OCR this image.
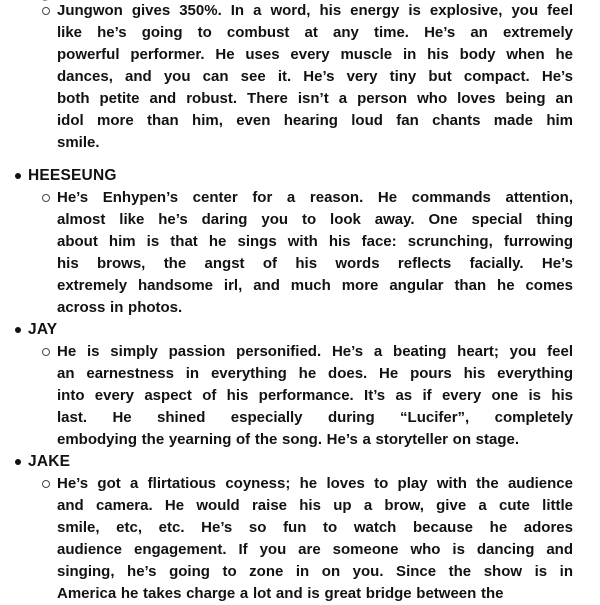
Jungwon gives 350%. In a word, his energy is explosive, you feel
like he’s going to combust at any time. He’s an extremely
powerful performer. He uses every muscle in his body when he
dances, and you can see it. He’s very tiny but compact. He’s
both petite and robust. There isn’t a person who loves being an
idol more than him, even hearing loud fan chants made him
smile.
HEESEUNG
He’s Enhypen’s center for a reason. He commands attention,
almost like he’s daring you to look away. One special thing
about him is that he sings with his face: scrunching, furrowing
his brows, the angst of his words reflects facially. He’s
extremely handsome irl, and much more angular than he comes
across in photos.
JAY
He is simply passion personified. He’s a beating heart; you feel
an earnestness in everything he does. He pours his everything
into every aspect of his performance. It’s as if every one is his
last. He shined especially during “Lucifer”, completely
embodying the yearning of the song. He’s a storyteller on stage.
JAKE
He’s got a flirtatious coyness; he loves to play with the audience
and camera. He would raise his up a brow, give a cute little
smile, etc, etc. He’s so fun to watch because he adores
audience engagement. If you are someone who is dancing and
singing, he’s going to zone in on you. Since the show is in
America he takes charge a lot and is great bridge between the
